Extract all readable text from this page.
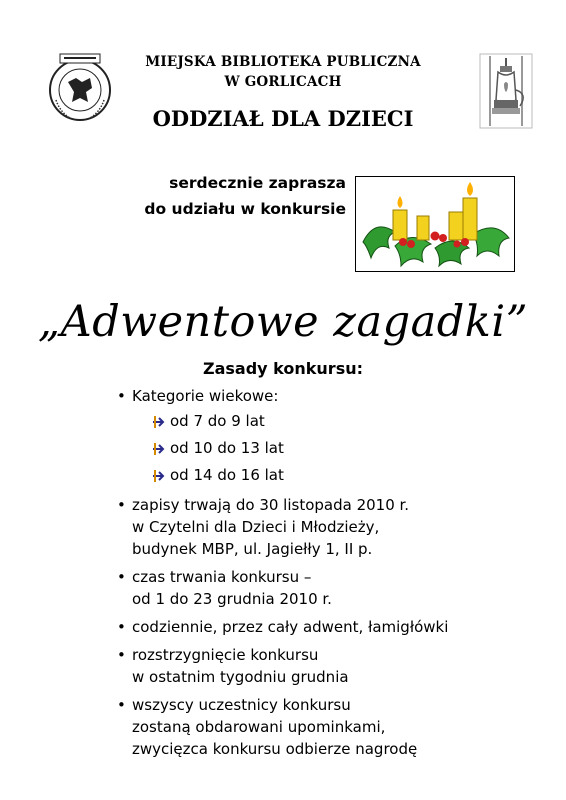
MIEJSKA BIBLIOTEKA PUBLICZNA
W GORLICACH
ODDZIAŁ DLA DZIECI
serdecznie zaprasza
do udziału w konkursie
„Adwentowe zagadki”
Zasady konkursu:
• Kategorie wiekowe:
od 7 do 9 lat
od 10 do 13 lat
od 14 do 16 lat
• zapisy trwają do 30 listopada 2010 r.
w Czytelni dla Dzieci i Młodzieży,
budynek MBP, ul. Jagiełły 1, II p.
• czas trwania konkursu –
od 1 do 23 grudnia 2010 r.
• codziennie, przez cały adwent, łamigłówki
• rozstrzygnięcie konkursu
w ostatnim tygodniu grudnia
• wszyscy uczestnicy konkursu
zostaną obdarowani upominkami,
zwycięzca konkursu odbierze nagrodę
